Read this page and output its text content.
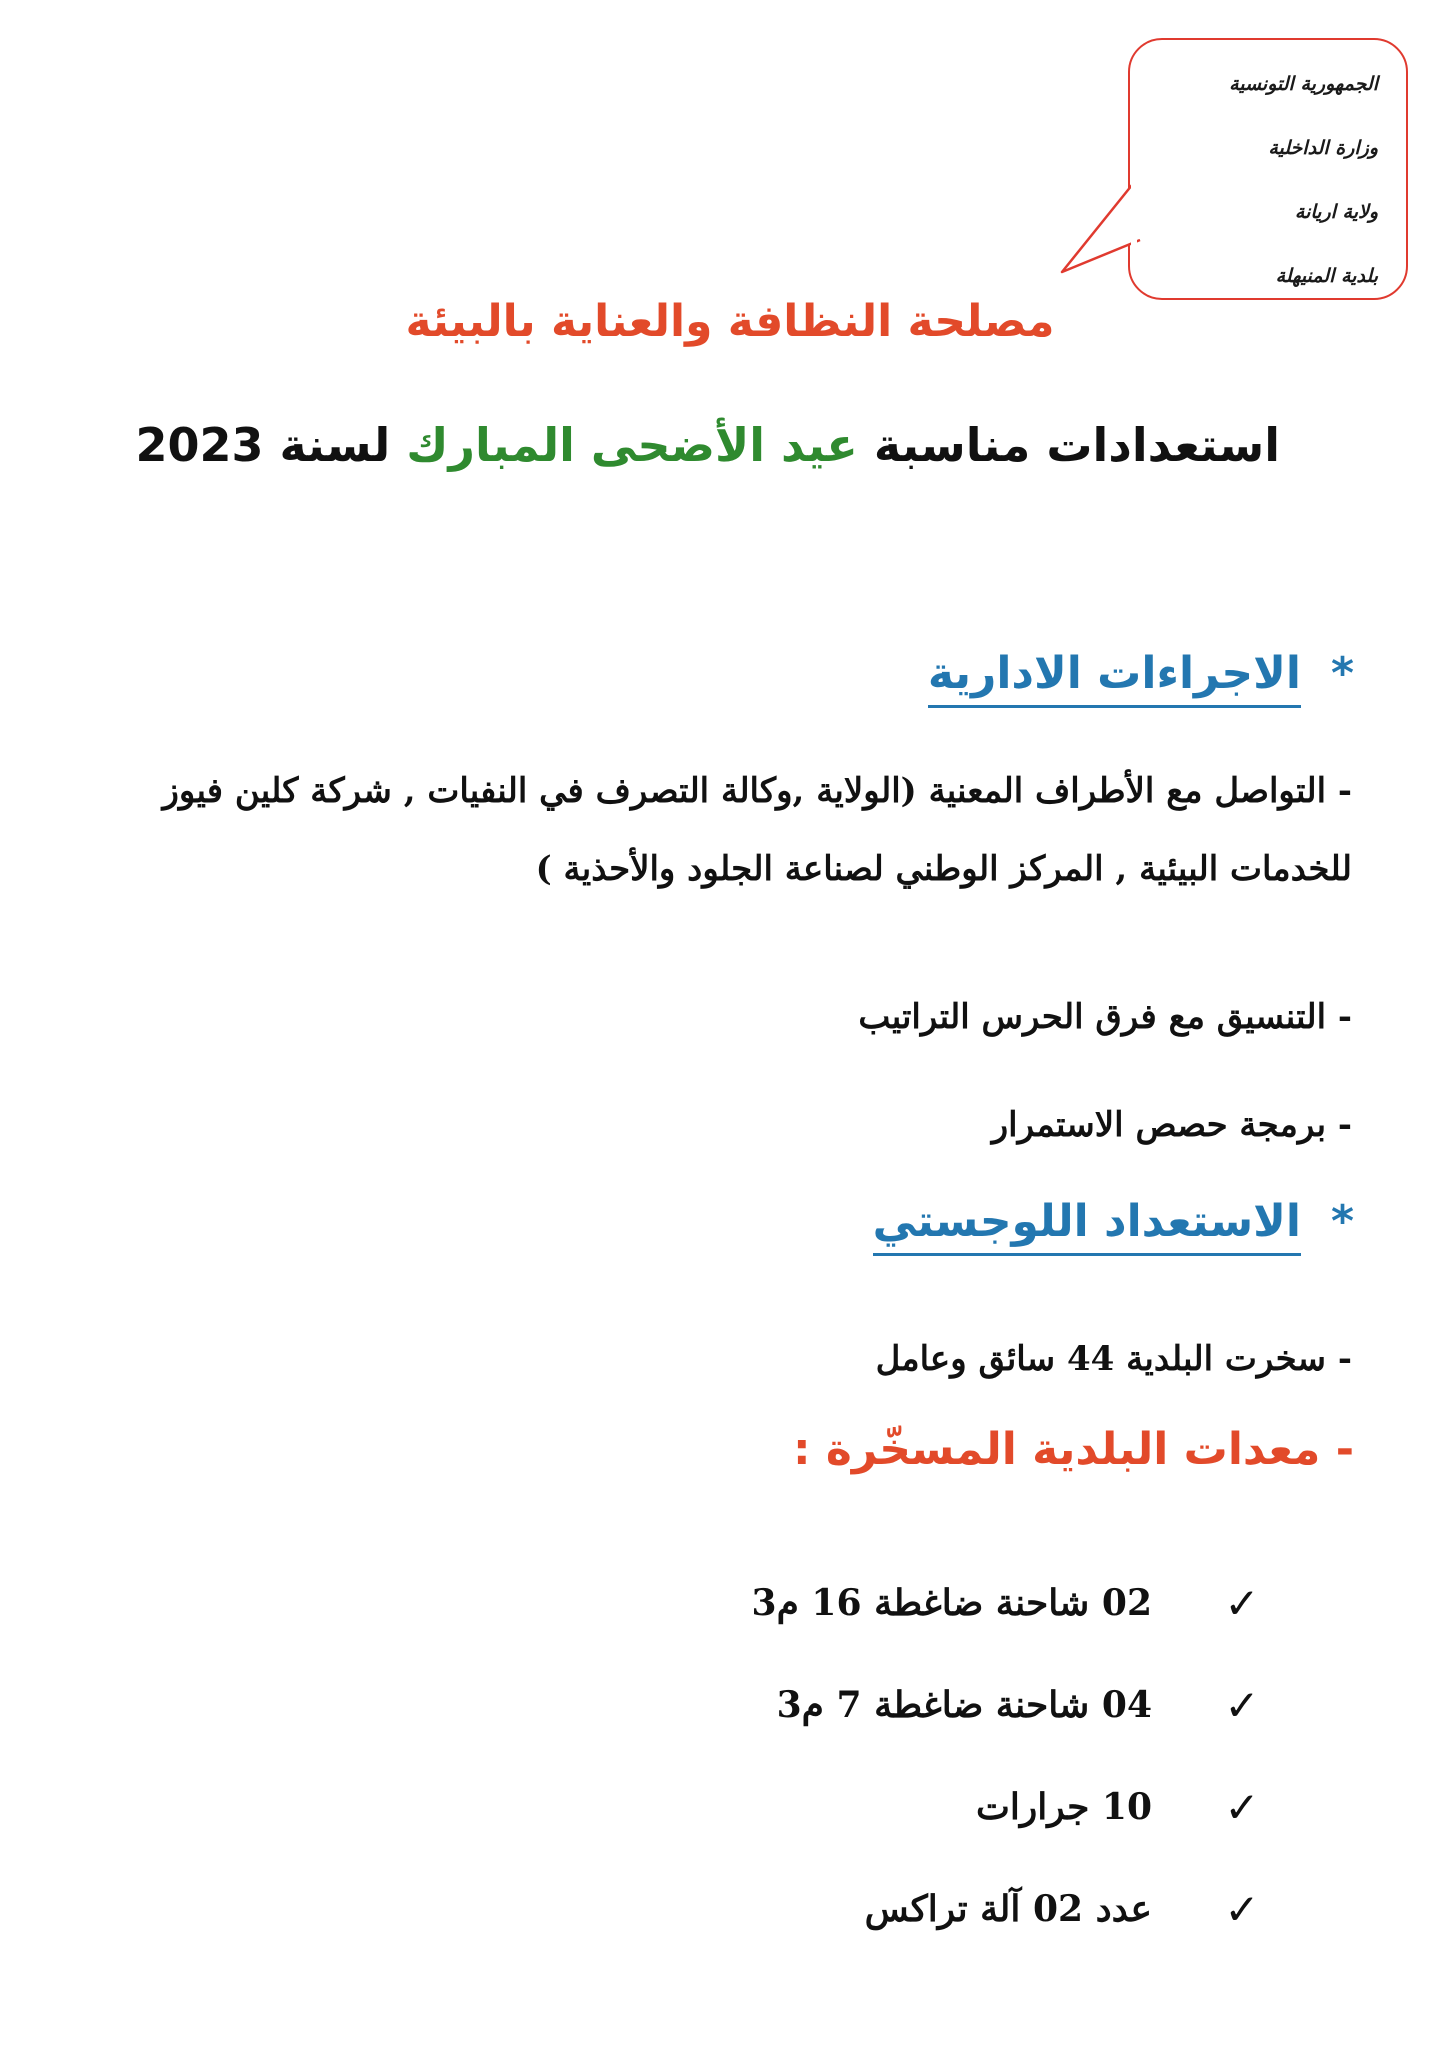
الجمهورية التونسية
وزارة الداخلية
ولاية اريانة
بلدية المنيهلة
مصلحة النظافة والعناية بالبيئة
استعدادات مناسبة عيد الأضحى المبارك لسنة 2023
*الاجراءات الادارية
- التواصل مع الأطراف المعنية (الولاية ,وكالة التصرف في النفيات , شركة كلين فيوز للخدمات البيئية , المركز الوطني لصناعة الجلود والأحذية )
- التنسيق مع فرق الحرس التراتيب
- برمجة حصص الاستمرار
*الاستعداد اللوجستي
- سخرت البلدية 44 سائق وعامل
- معدات البلدية المسخّرة :
✓
02 شاحنة ضاغطة 16 م3
✓
04 شاحنة ضاغطة 7 م3
✓
10 جرارات
✓
عدد 02 آلة تراكس
